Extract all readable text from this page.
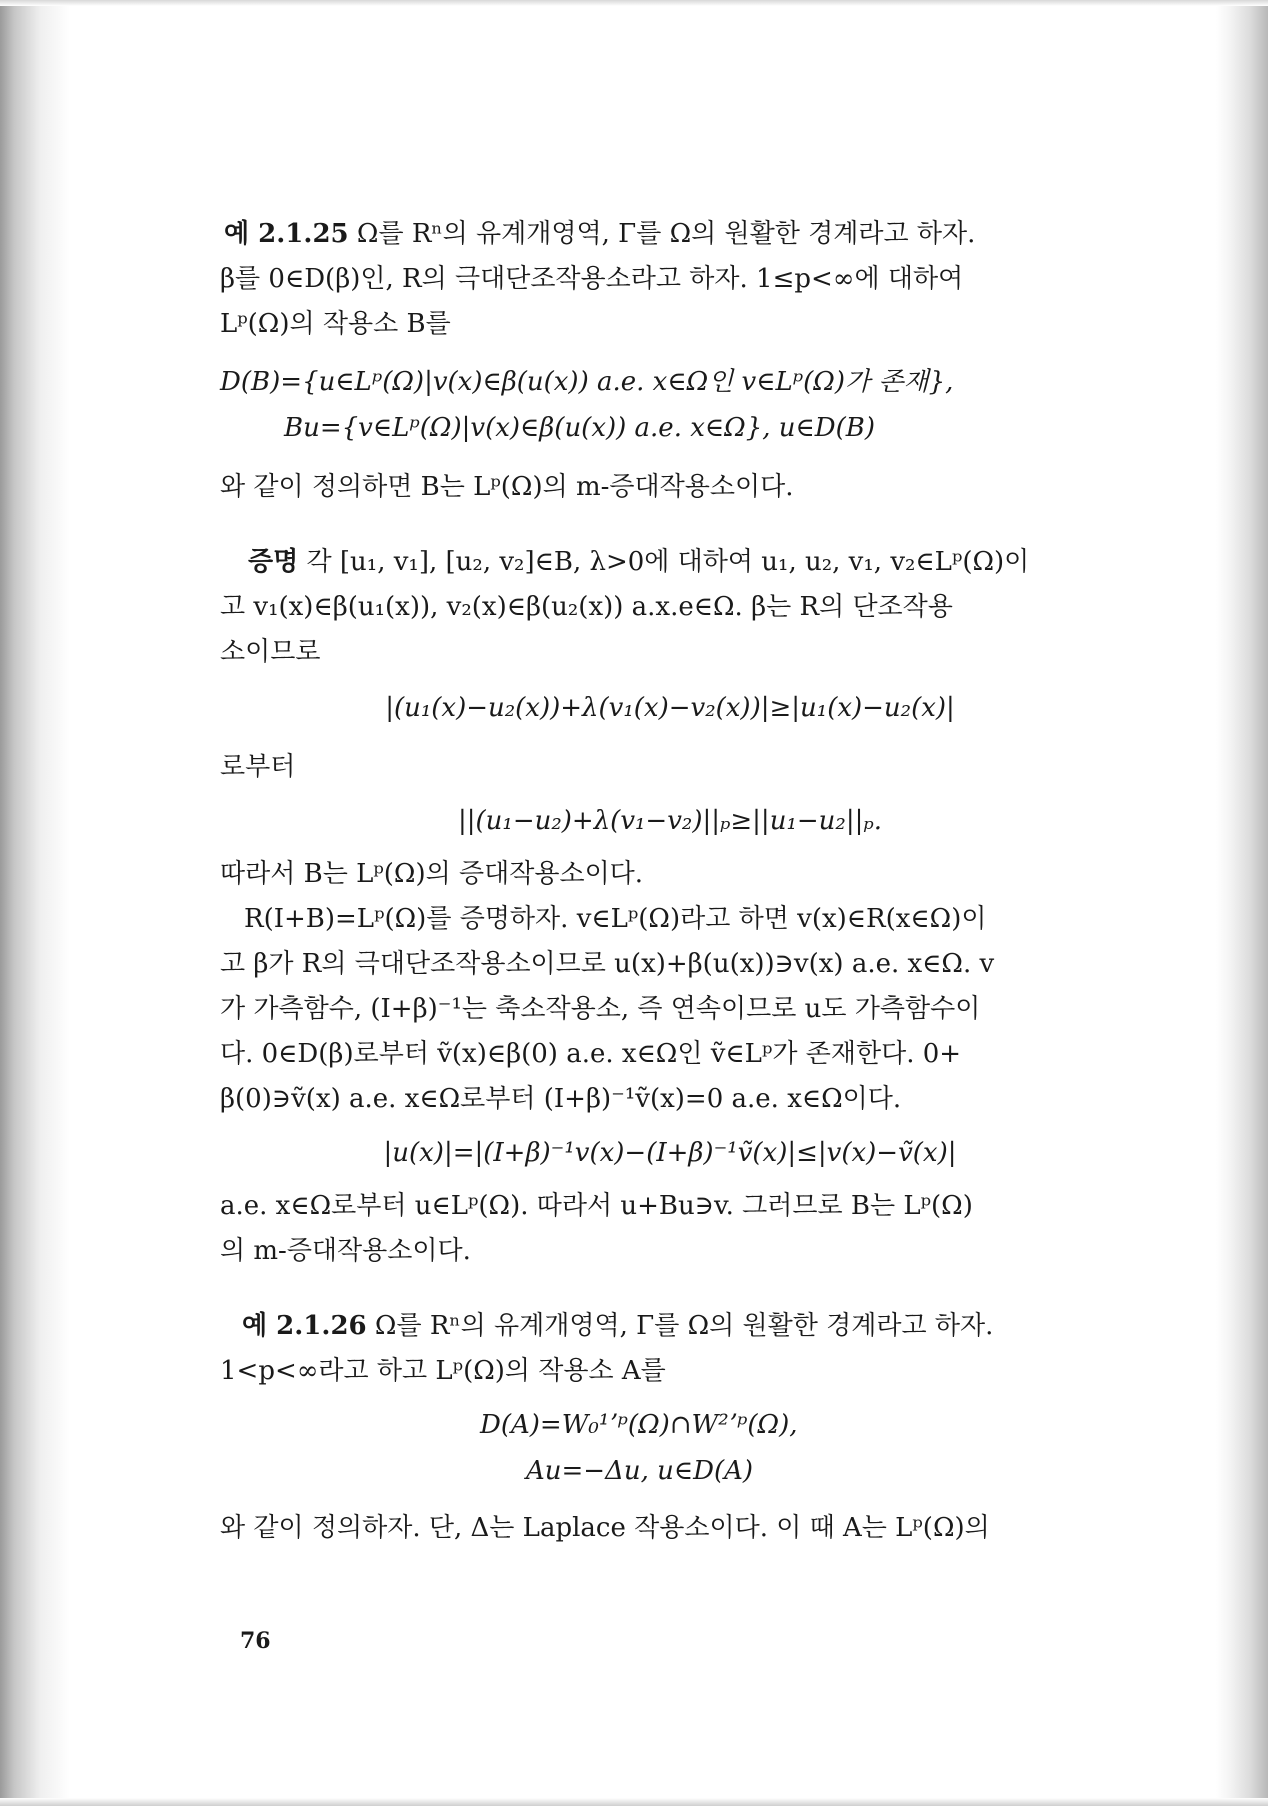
예 2.1.25 Ω를 Rⁿ의 유계개영역, Γ를 Ω의 원활한 경계라고 하자.

β를 0∈D(β)인, R의 극대단조작용소라고 하자. 1≤p<∞에 대하여

Lᵖ(Ω)의 작용소 B를

D(B)={u∈Lᵖ(Ω)|v(x)∈β(u(x)) a.e. x∈Ω인 v∈Lᵖ(Ω)가 존재},

Bu={v∈Lᵖ(Ω)|v(x)∈β(u(x)) a.e. x∈Ω}, u∈D(B)

와 같이 정의하면 B는 Lᵖ(Ω)의 m-증대작용소이다.

증명 각 [u₁, v₁], [u₂, v₂]∈B, λ>0에 대하여 u₁, u₂, v₁, v₂∈Lᵖ(Ω)이

고 v₁(x)∈β(u₁(x)), v₂(x)∈β(u₂(x)) a.x.e∈Ω. β는 R의 단조작용

소이므로

|(u₁(x)−u₂(x))+λ(v₁(x)−v₂(x))|≥|u₁(x)−u₂(x)|

로부터

||(u₁−u₂)+λ(v₁−v₂)||ₚ≥||u₁−u₂||ₚ.

따라서 B는 Lᵖ(Ω)의 증대작용소이다.

R(I+B)=Lᵖ(Ω)를 증명하자. v∈Lᵖ(Ω)라고 하면 v(x)∈R(x∈Ω)이

고 β가 R의 극대단조작용소이므로 u(x)+β(u(x))∋v(x) a.e. x∈Ω. v

가 가측함수, (I+β)⁻¹는 축소작용소, 즉 연속이므로 u도 가측함수이

다. 0∈D(β)로부터 ṽ(x)∈β(0) a.e. x∈Ω인 ṽ∈Lᵖ가 존재한다. 0+

β(0)∋ṽ(x) a.e. x∈Ω로부터 (I+β)⁻¹ṽ(x)=0 a.e. x∈Ω이다.

|u(x)|=|(I+β)⁻¹v(x)−(I+β)⁻¹ṽ(x)|≤|v(x)−ṽ(x)|

a.e. x∈Ω로부터 u∈Lᵖ(Ω). 따라서 u+Bu∋v. 그러므로 B는 Lᵖ(Ω)

의 m-증대작용소이다.

예 2.1.26 Ω를 Rⁿ의 유계개영역, Γ를 Ω의 원활한 경계라고 하자.

1<p<∞라고 하고 Lᵖ(Ω)의 작용소 A를

D(A)=W₀¹ʼᵖ(Ω)∩W²ʼᵖ(Ω),

Au=−Δu, u∈D(A)

와 같이 정의하자. 단, Δ는 Laplace 작용소이다. 이 때 A는 Lᵖ(Ω)의

76
